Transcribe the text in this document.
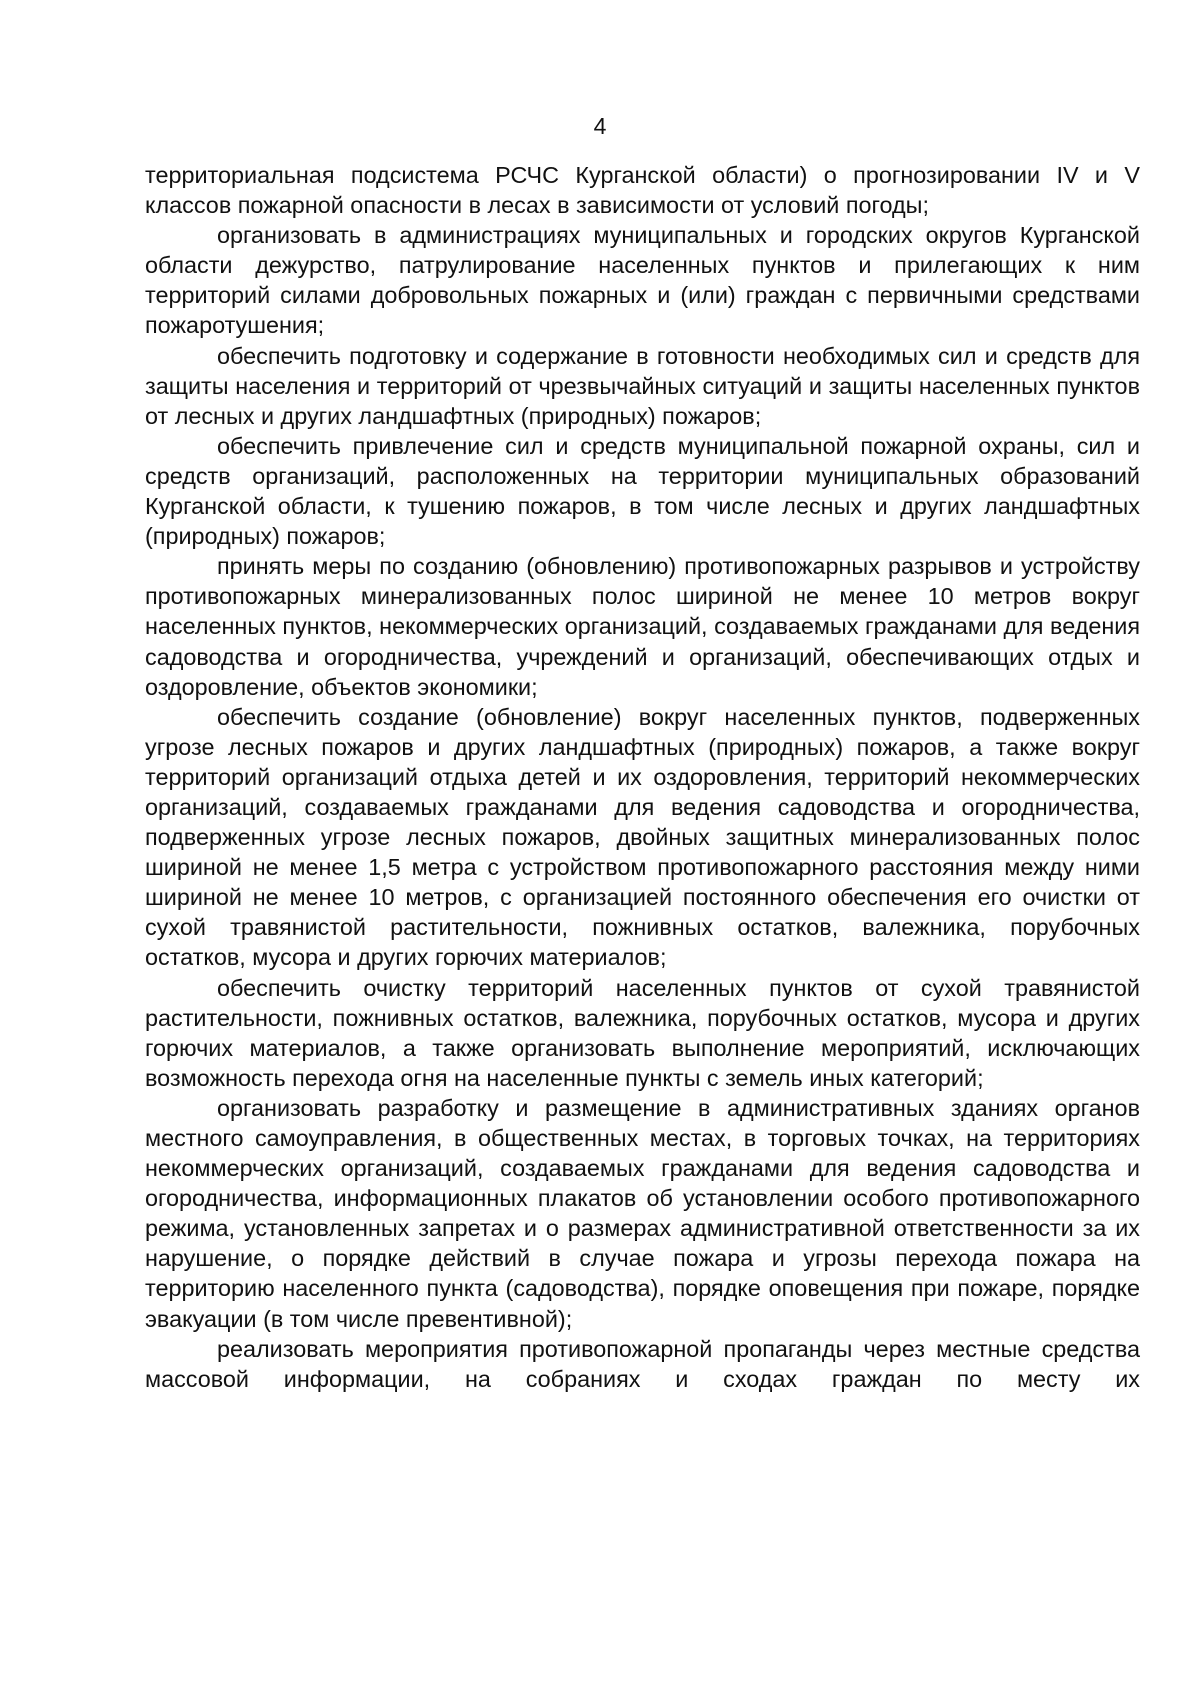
4

территориальная подсистема РСЧС Курганской области) о прогнозировании IV и V классов пожарной опасности в лесах в зависимости от условий погоды;

организовать в администрациях муниципальных и городских округов Курганской области дежурство, патрулирование населенных пунктов и прилегающих к ним территорий силами добровольных пожарных и (или) граждан с первичными средствами пожаротушения;

обеспечить подготовку и содержание в готовности необходимых сил и средств для защиты населения и территорий от чрезвычайных ситуаций и защиты населенных пунктов от лесных и других ландшафтных (природных) пожаров;

обеспечить привлечение сил и средств муниципальной пожарной охраны, сил и средств организаций, расположенных на территории муниципальных образований Курганской области, к тушению пожаров, в том числе лесных и других ландшафтных (природных) пожаров;

принять меры по созданию (обновлению) противопожарных разрывов и устройству противопожарных минерализованных полос шириной не менее 10 метров вокруг населенных пунктов, некоммерческих организаций, создаваемых гражданами для ведения садоводства и огородничества, учреждений и организаций, обеспечивающих отдых и оздоровление, объектов экономики;

обеспечить создание (обновление) вокруг населенных пунктов, подверженных угрозе лесных пожаров и других ландшафтных (природных) пожаров, а также вокруг территорий организаций отдыха детей и их оздоровления, территорий некоммерческих организаций, создаваемых гражданами для ведения садоводства и огородничества, подверженных угрозе лесных пожаров, двойных защитных минерализованных полос шириной не менее 1,5 метра с устройством противопожарного расстояния между ними шириной не менее 10 метров, с организацией постоянного обеспечения его очистки от сухой травянистой растительности, пожнивных остатков, валежника, порубочных остатков, мусора и других горючих материалов;

обеспечить очистку территорий населенных пунктов от сухой травянистой растительности, пожнивных остатков, валежника, порубочных остатков, мусора и других горючих материалов, а также организовать выполнение мероприятий, исключающих возможность перехода огня на населенные пункты с земель иных категорий;

организовать разработку и размещение в административных зданиях органов местного самоуправления, в общественных местах, в торговых точках, на территориях некоммерческих организаций, создаваемых гражданами для ведения садоводства и огородничества, информационных плакатов об установлении особого противопожарного режима, установленных запретах и о размерах административной ответственности за их нарушение, о порядке действий в случае пожара и угрозы перехода пожара на территорию населенного пункта (садоводства), порядке оповещения при пожаре, порядке эвакуации (в том числе превентивной);

реализовать мероприятия противопожарной пропаганды через местные средства массовой информации, на собраниях и сходах граждан по месту их
